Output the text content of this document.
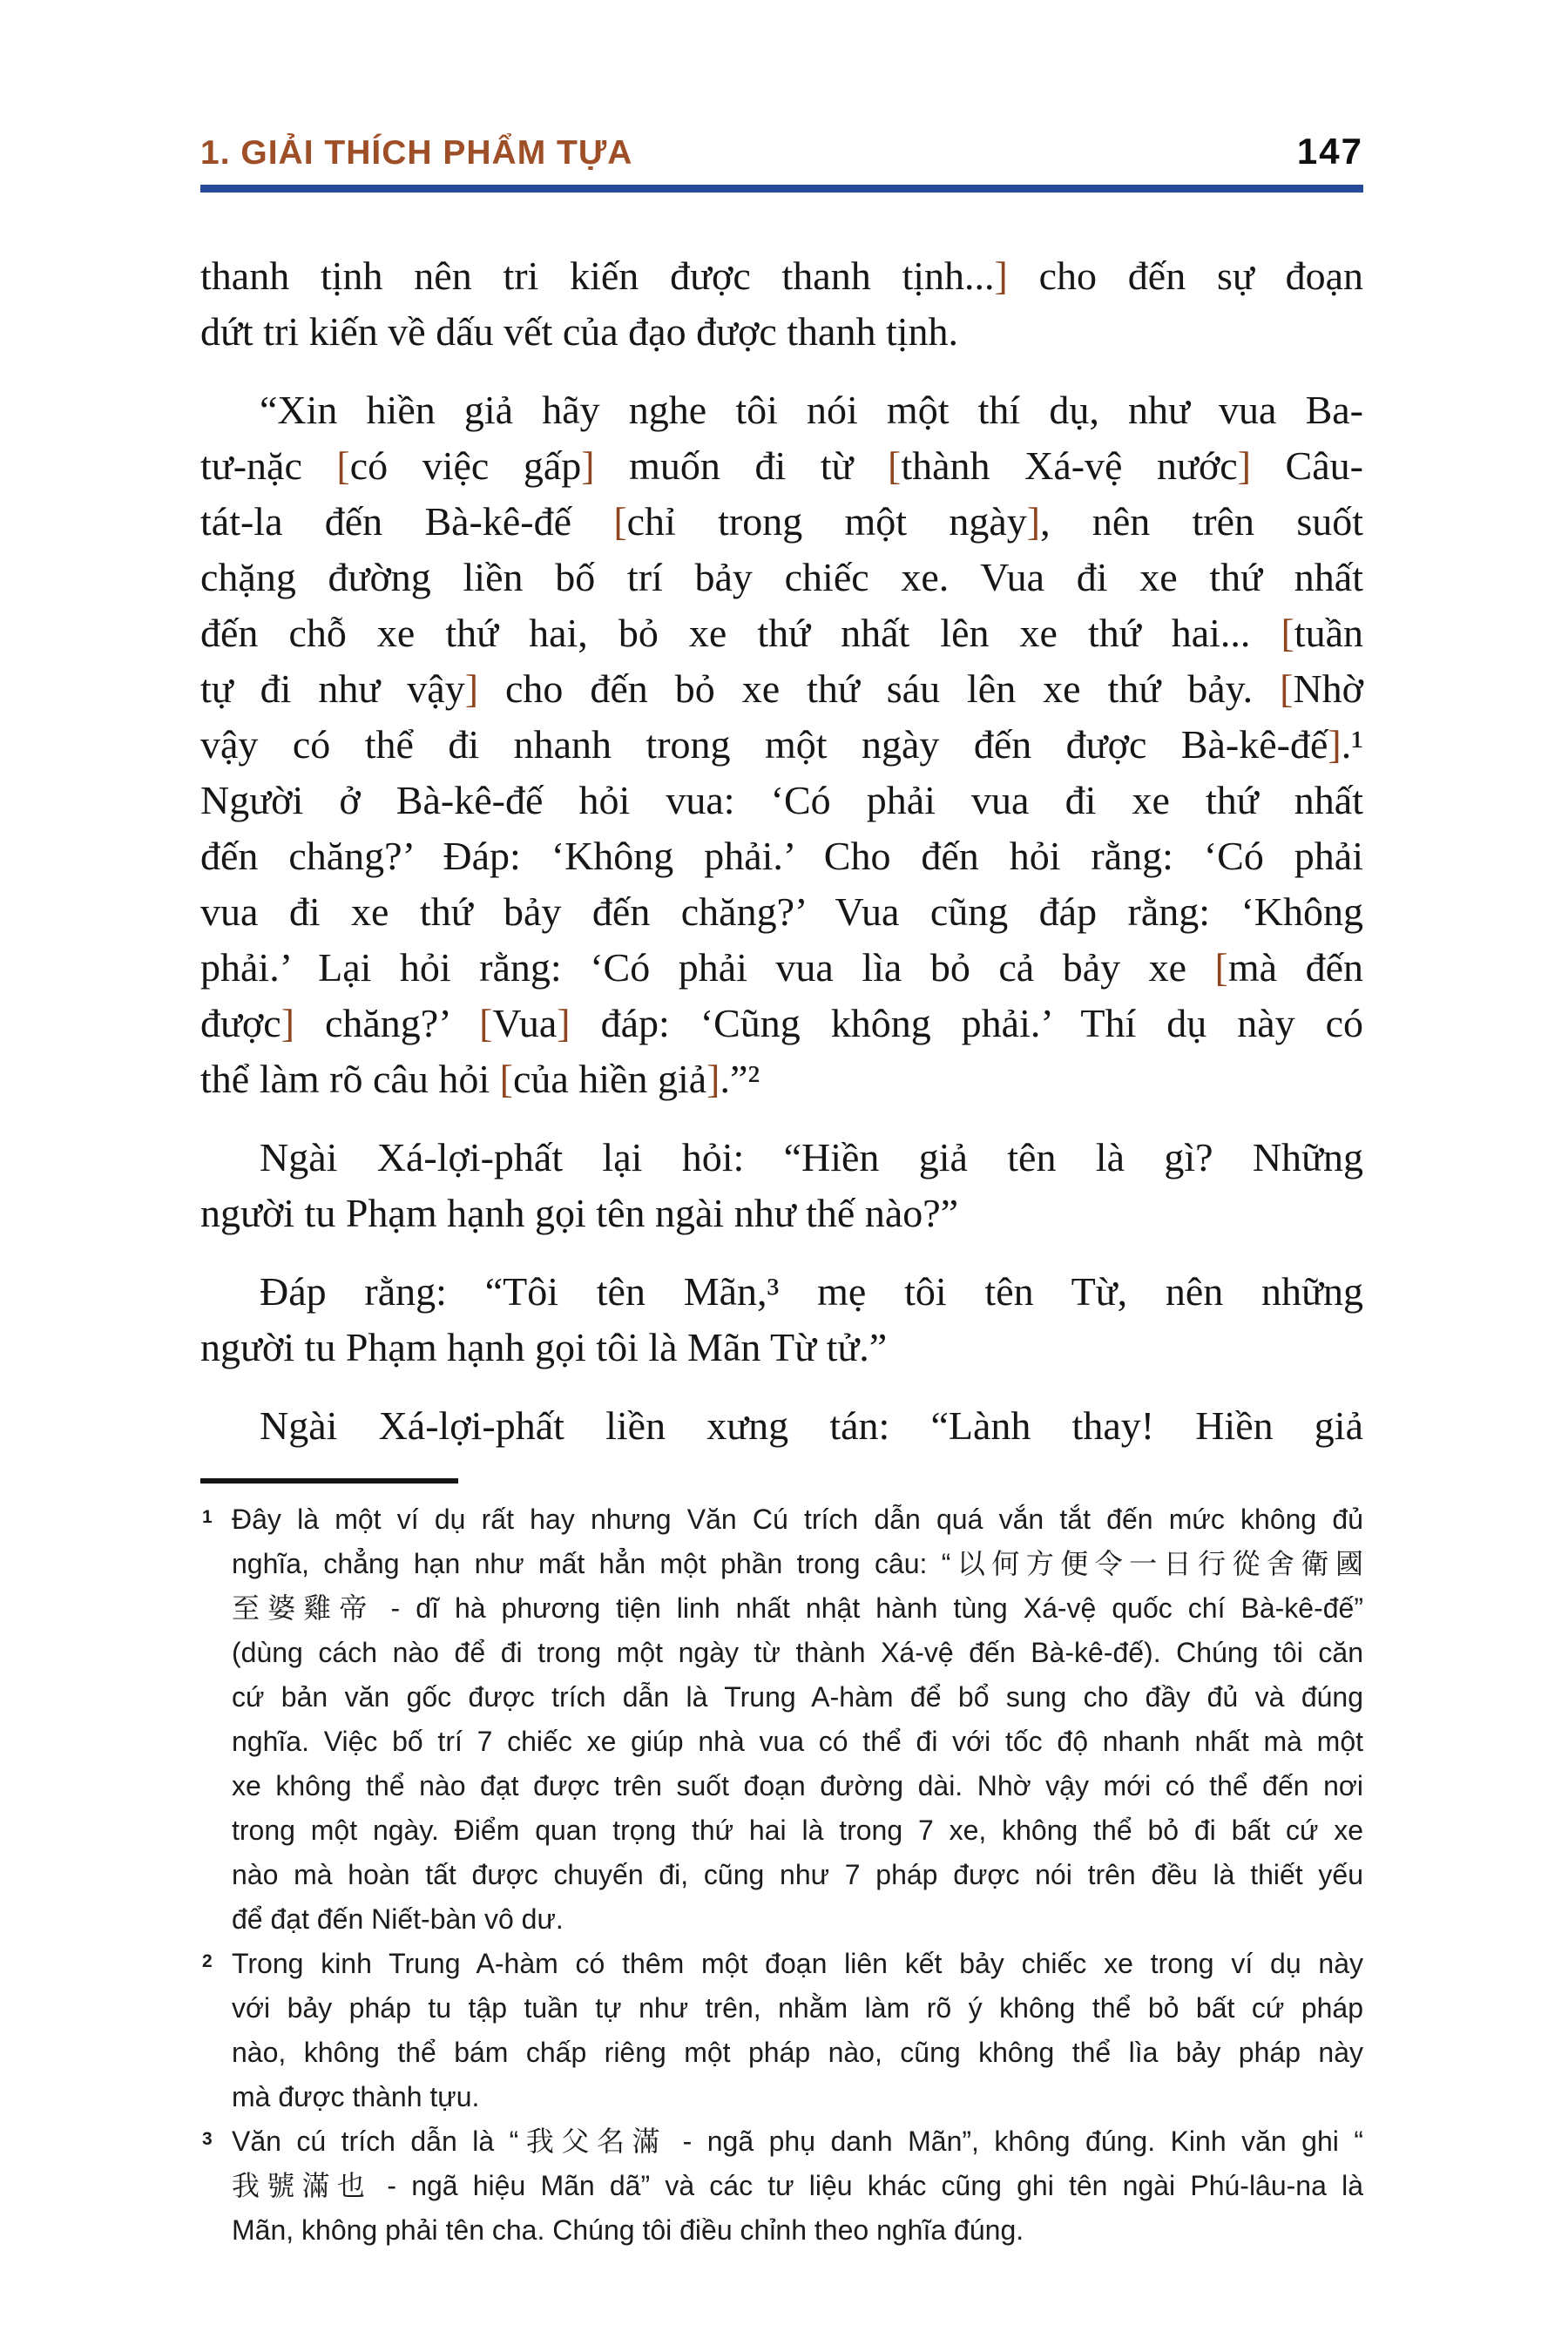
1. GIẢI THÍCH PHẨM TỰA	147
thanh tịnh nên tri kiến được thanh tịnh...] cho đến sự đoạn
dứt tri kiến về dấu vết của đạo được thanh tịnh.
“Xin hiền giả hãy nghe tôi nói một thí dụ, như vua Ba-
tư-nặc [có việc gấp] muốn đi từ [thành Xá-vệ nước] Câu-
tát-la đến Bà-kê-đế [chỉ trong một ngày], nên trên suốt
chặng đường liền bố trí bảy chiếc xe. Vua đi xe thứ nhất
đến chỗ xe thứ hai, bỏ xe thứ nhất lên xe thứ hai... [tuần
tự đi như vậy] cho đến bỏ xe thứ sáu lên xe thứ bảy. [Nhờ
vậy có thể đi nhanh trong một ngày đến được Bà-kê-đế].¹
Người ở Bà-kê-đế hỏi vua: ‘Có phải vua đi xe thứ nhất
đến chăng?’ Đáp: ‘Không phải.’ Cho đến hỏi rằng: ‘Có phải
vua đi xe thứ bảy đến chăng?’ Vua cũng đáp rằng: ‘Không
phải.’ Lại hỏi rằng: ‘Có phải vua lìa bỏ cả bảy xe [mà đến
được] chăng?’ [Vua] đáp: ‘Cũng không phải.’ Thí dụ này có
thể làm rõ câu hỏi [của hiền giả].”²
Ngài Xá-lợi-phất lại hỏi: “Hiền giả tên là gì? Những
người tu Phạm hạnh gọi tên ngài như thế nào?”
Đáp rằng: “Tôi tên Mãn,³ mẹ tôi tên Từ, nên những
người tu Phạm hạnh gọi tôi là Mãn Từ tử.”
Ngài Xá-lợi-phất liền xưng tán: “Lành thay! Hiền giả
1 Đây là một ví dụ rất hay nhưng Văn Cú trích dẫn quá vắn tắt đến mức không đủ
nghĩa, chẳng hạn như mất hẳn một phần trong câu: “以何方便令一日行從舍衛國
至婆雞帝 - dĩ hà phương tiện linh nhất nhật hành tùng Xá-vệ quốc chí Bà-kê-đế”
(dùng cách nào để đi trong một ngày từ thành Xá-vệ đến Bà-kê-đế). Chúng tôi căn
cứ bản văn gốc được trích dẫn là Trung A-hàm để bổ sung cho đầy đủ và đúng
nghĩa. Việc bố trí 7 chiếc xe giúp nhà vua có thể đi với tốc độ nhanh nhất mà một
xe không thể nào đạt được trên suốt đoạn đường dài. Nhờ vậy mới có thể đến nơi
trong một ngày. Điểm quan trọng thứ hai là trong 7 xe, không thể bỏ đi bất cứ xe
nào mà hoàn tất được chuyến đi, cũng như 7 pháp được nói trên đều là thiết yếu
để đạt đến Niết-bàn vô dư.
2 Trong kinh Trung A-hàm có thêm một đoạn liên kết bảy chiếc xe trong ví dụ này
với bảy pháp tu tập tuần tự như trên, nhằm làm rõ ý không thể bỏ bất cứ pháp
nào, không thể bám chấp riêng một pháp nào, cũng không thể lìa bảy pháp này
mà được thành tựu.
3 Văn cú trích dẫn là “我父名滿 - ngã phụ danh Mãn”, không đúng. Kinh văn ghi “
我號滿也 - ngã hiệu Mãn dã” và các tư liệu khác cũng ghi tên ngài Phú-lâu-na là
Mãn, không phải tên cha. Chúng tôi điều chỉnh theo nghĩa đúng.
